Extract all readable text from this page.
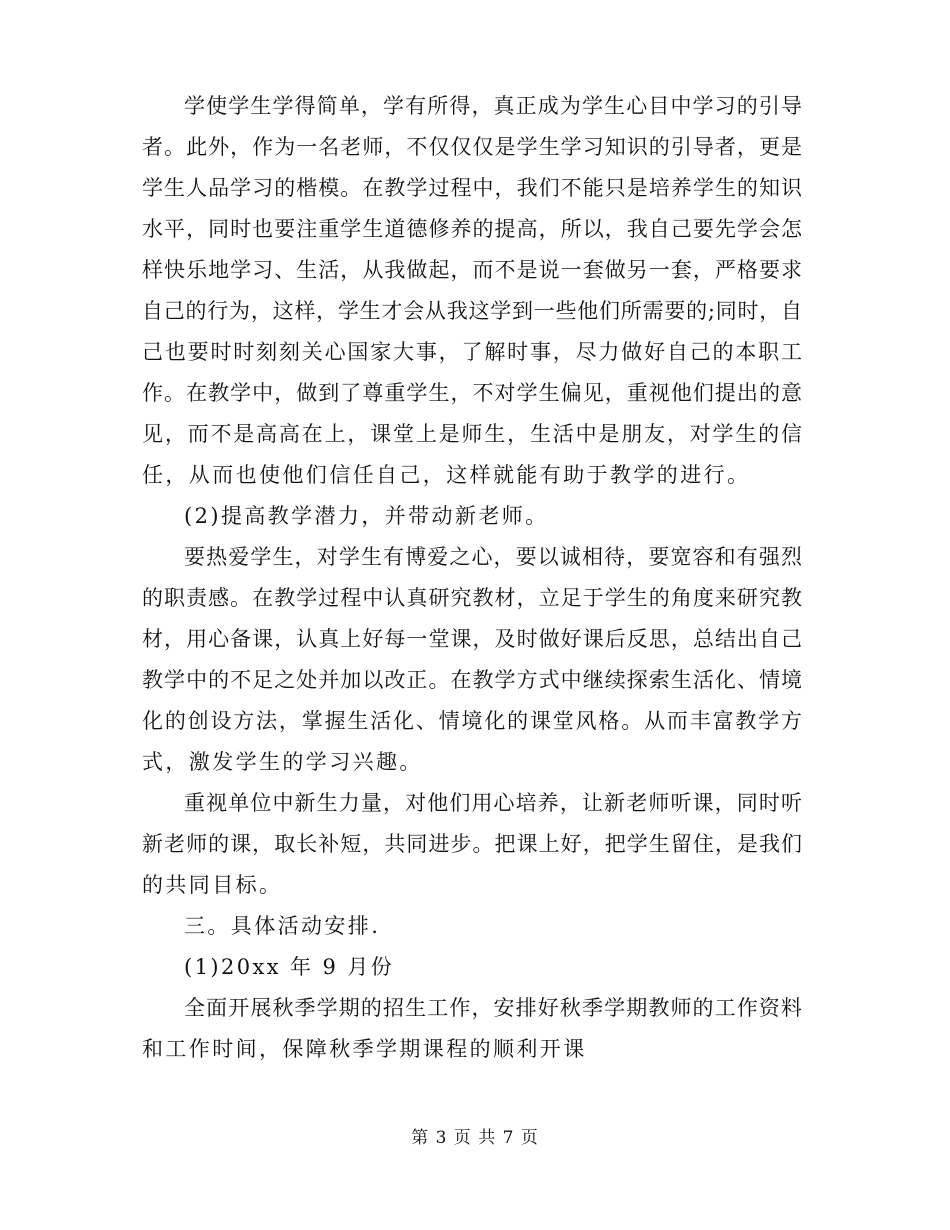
学使学生学得简单，学有所得，真正成为学生心目中学习的引导
者。此外，作为一名老师，不仅仅仅是学生学习知识的引导者，更是
学生人品学习的楷模。在教学过程中，我们不能只是培养学生的知识
水平，同时也要注重学生道德修养的提高，所以，我自己要先学会怎
样快乐地学习、生活，从我做起，而不是说一套做另一套，严格要求
自己的行为，这样，学生才会从我这学到一些他们所需要的;同时，自
己也要时时刻刻关心国家大事，了解时事，尽力做好自己的本职工
作。在教学中，做到了尊重学生，不对学生偏见，重视他们提出的意
见，而不是高高在上，课堂上是师生，生活中是朋友，对学生的信
任，从而也使他们信任自己，这样就能有助于教学的进行。
(2)提高教学潜力，并带动新老师。
要热爱学生，对学生有博爱之心，要以诚相待，要宽容和有强烈
的职责感。在教学过程中认真研究教材，立足于学生的角度来研究教
材，用心备课，认真上好每一堂课，及时做好课后反思，总结出自己
教学中的不足之处并加以改正。在教学方式中继续探索生活化、情境
化的创设方法，掌握生活化、情境化的课堂风格。从而丰富教学方
式，激发学生的学习兴趣。
重视单位中新生力量，对他们用心培养，让新老师听课，同时听
新老师的课，取长补短，共同进步。把课上好，把学生留住，是我们
的共同目标。
三。具体活动安排.
(1)20xx 年 9 月份
全面开展秋季学期的招生工作，安排好秋季学期教师的工作资料
和工作时间，保障秋季学期课程的顺利开课
第 3 页 共 7 页
